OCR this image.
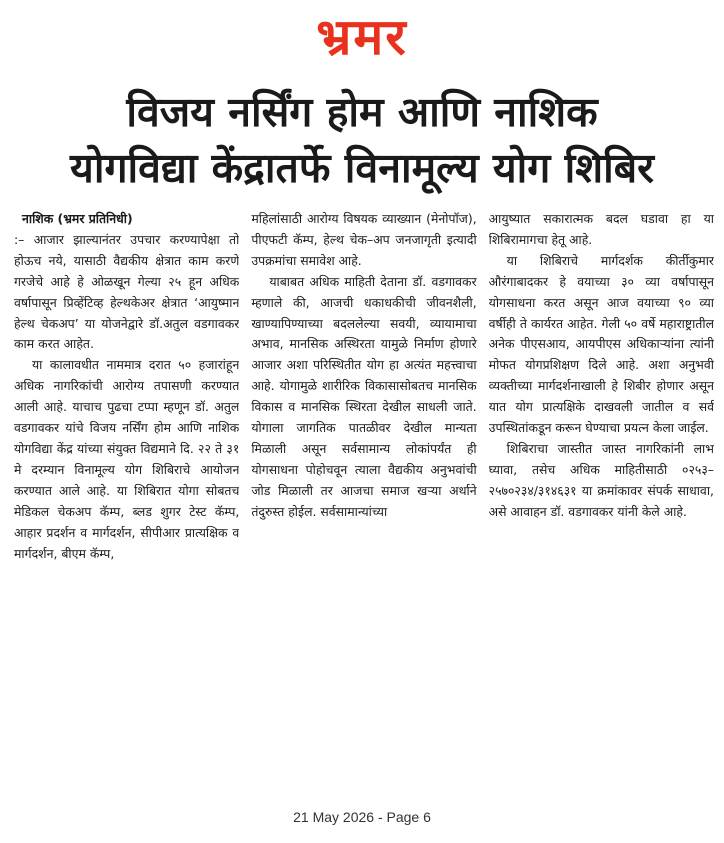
भ्रमर
विजय नर्सिंग होम आणि नाशिक
योगविद्या केंद्रातर्फे विनामूल्य योग शिबिर
नाशिक (भ्रमर प्रतिनिधी)

:– आजार झाल्यानंतर उपचार करण्यापेक्षा तो होऊच नये, यासाठी वैद्यकीय क्षेत्रात काम करणे गरजेचे आहे हे ओळखून गेल्या २५ हून अधिक वर्षापासून प्रिव्हेंटिव्ह हेल्थकेअर क्षेत्रात ‘आयुष्मान हेल्थ चेकअप’ या योजनेद्वारे डॉ.अतुल वडगावकर काम करत आहेत.

या कालावधीत नाममात्र दरात ५० हजारांहून अधिक नागरिकांची आरोग्य तपासणी करण्यात आली आहे. याचाच पुढचा टप्पा म्हणून डॉ. अतुल वडगावकर यांचे विजय नर्सिंग होम आणि नाशिक योगविद्या केंद्र यांच्या संयुक्त विद्यमाने दि. २२ ते ३१ मे दरम्यान विनामूल्य योग शिबिराचे आयोजन करण्यात आले आहे. या शिबिरात योगा सोबतच मेडिकल चेकअप कॅम्प, ब्लड शुगर टेस्ट कॅम्प, आहार प्रदर्शन व मार्गदर्शन, सीपीआर प्रात्यक्षिक व मार्गदर्शन, बीएम कॅम्प,

महिलांसाठी आरोग्य विषयक व्याख्यान (मेनोपॉज), पीएफटी कॅम्प, हेल्थ चेक–अप जनजागृती इत्यादी उपक्रमांचा समावेश आहे.

याबाबत अधिक माहिती देताना डॉ. वडगावकर म्हणाले की, आजची धकाधकीची जीवनशैली, खाण्यापिण्याच्या बदललेल्या सवयी, व्यायामाचा अभाव, मानसिक अस्थिरता यामुळे निर्माण होणारे आजार अशा परिस्थितीत योग हा अत्यंत महत्त्वाचा आहे. योगामुळे शारीरिक विकासासोबतच मानसिक विकास व मानसिक स्थिरता देखील साधली जाते. योगाला जागतिक पातळीवर देखील मान्यता मिळाली असून सर्वसामान्य लोकांपर्यंत ही योगसाधना पोहोचवून त्याला वैद्यकीय अनुभवांची जोड मिळाली तर आजचा समाज खऱ्या अर्थाने तंदुरुस्त होईल. सर्वसामान्यांच्या

आयुष्यात सकारात्मक बदल घडावा हा या शिबिरामागचा हेतू आहे.

या शिबिराचे मार्गदर्शक कीर्तीकुमार औरंगाबादकर हे वयाच्या ३० व्या वर्षापासून योगसाधना करत असून आज वयाच्या ९० व्या वर्षीही ते कार्यरत आहेत. गेली ५० वर्षे महाराष्ट्रातील अनेक पीएसआय, आयपीएस अधिकाऱ्यांना त्यांनी मोफत योगप्रशिक्षण दिले आहे. अशा अनुभवी व्यक्तीच्या मार्गदर्शनाखाली हे शिबीर होणार असून यात योग प्रात्यक्षिके दाखवली जातील व सर्व उपस्थितांकडून करून घेण्याचा प्रयत्न केला जाईल.

शिबिराचा जास्तीत जास्त नागरिकांनी लाभ घ्यावा, तसेच अधिक माहितीसाठी ०२५३– २५७०२३४/३१४६३१ या क्रमांकावर संपर्क साधावा, असे आवाहन डॉ. वडगावकर यांनी केले आहे.

21 May 2026 - Page 6
